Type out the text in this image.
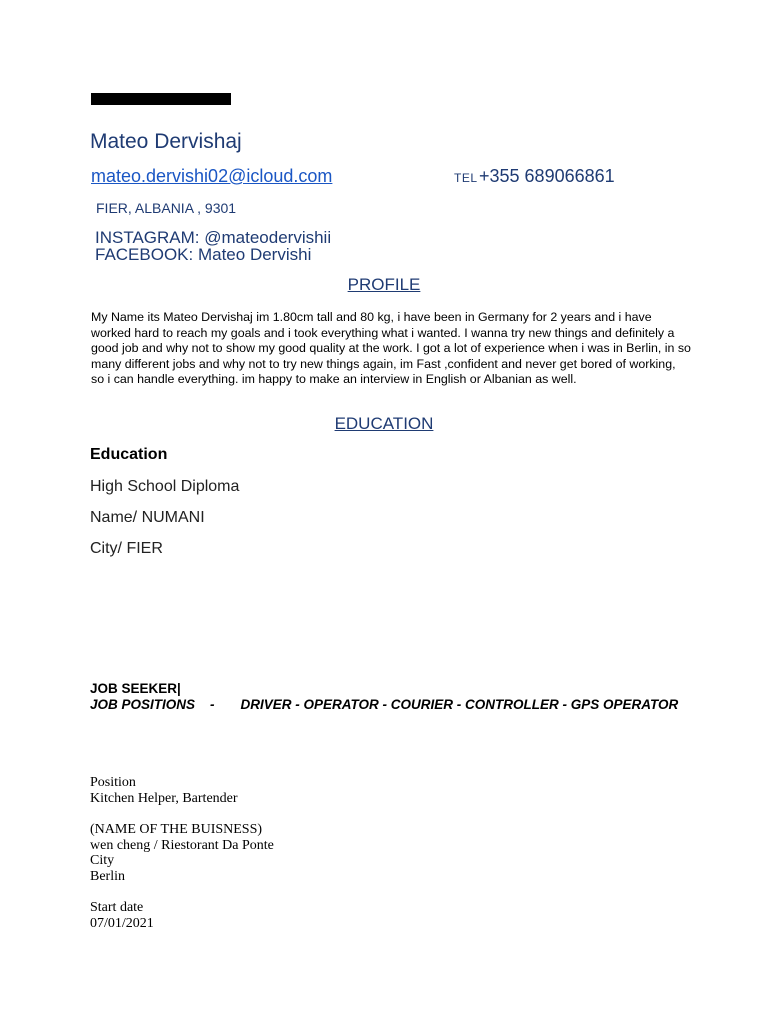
Mateo Dervishaj
mateo.dervishi02@icloud.com	TEL +355 689066861
FIER, ALBANIA , 9301
INSTAGRAM: @mateodervishii
FACEBOOK: Mateo Dervishi
PROFILE
My Name its Mateo Dervishaj im 1.80cm tall and 80 kg, i have been in Germany for 2 years and i have worked hard to reach my goals and i took everything what i wanted. I wanna try new things and definitely a good job and why not to show my good quality at the work. I got a lot of experience when i was in Berlin, in so many different jobs and why not to try new things again, im Fast ,confident and never get bored of working, so i can handle everything. im happy to make an interview in English or Albanian as well.
EDUCATION
Education
High School Diploma
Name/ NUMANI
City/ FIER
JOB SEEKER|
JOB POSITIONS    - DRIVER - OPERATOR - COURIER - CONTROLLER - GPS OPERATOR
Position
Kitchen Helper, Bartender
(NAME OF THE BUISNESS)
wen cheng / Riestorant Da Ponte
City
Berlin
Start date
07/01/2021
